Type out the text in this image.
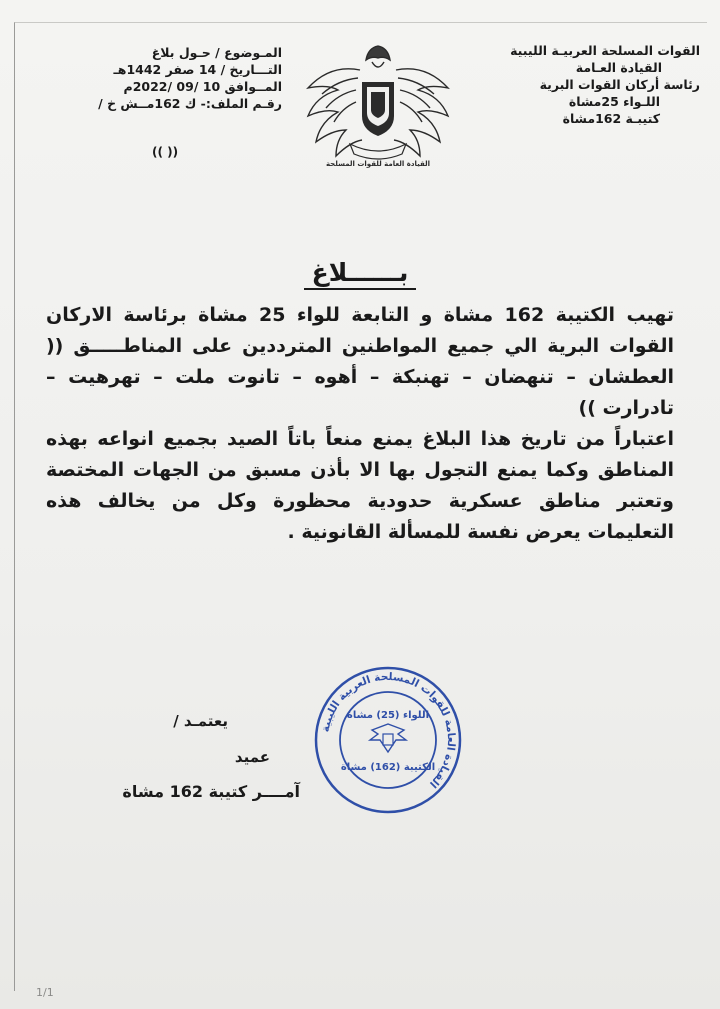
القوات المسلحة العربيـة الليبية
القيادة العـامة
رئاسة أركان القوات البرية
اللـواء 25مشاة
كتيبـة 162مشاة
المـوضوع / حـول بلاغ
التـــاريخ / 14 صفر 1442هـ
المــوافق 10 /09 /2022م
رقـم الملف:- ك 162مــش خ /
(( ))
القيادة العامة للقوات المسلحة
بــــــلاغ

تهيب الكتيبة 162 مشاة و التابعة للواء 25 مشاة برئاسة الاركان القوات البرية الي جميع المواطنين المترددين على المناطـــــق (( العطشان – تنهضان – تهنبكة – أهوه – تانوت ملت – تهرهيت – تادرارت ))

اعتباراً من تاريخ هذا البلاغ يمنع منعاً باتاً الصيد بجميع انواعه بهذه المناطق وكما يمنع التجول بها الا بأذن مسبق من الجهات المختصة وتعتبر مناطق عسكرية حدودية محظورة وكل من يخالف هذه التعليمات يعرض نفسة للمسألة القانونية .

القيادة العامة للقوات المسلحة العربية الليبية
اللواء (25) مشاة
الكتيبة (162) مشاة
يعتمـد /
عميد
آمــــر كتيبة 162 مشاة
1/1
